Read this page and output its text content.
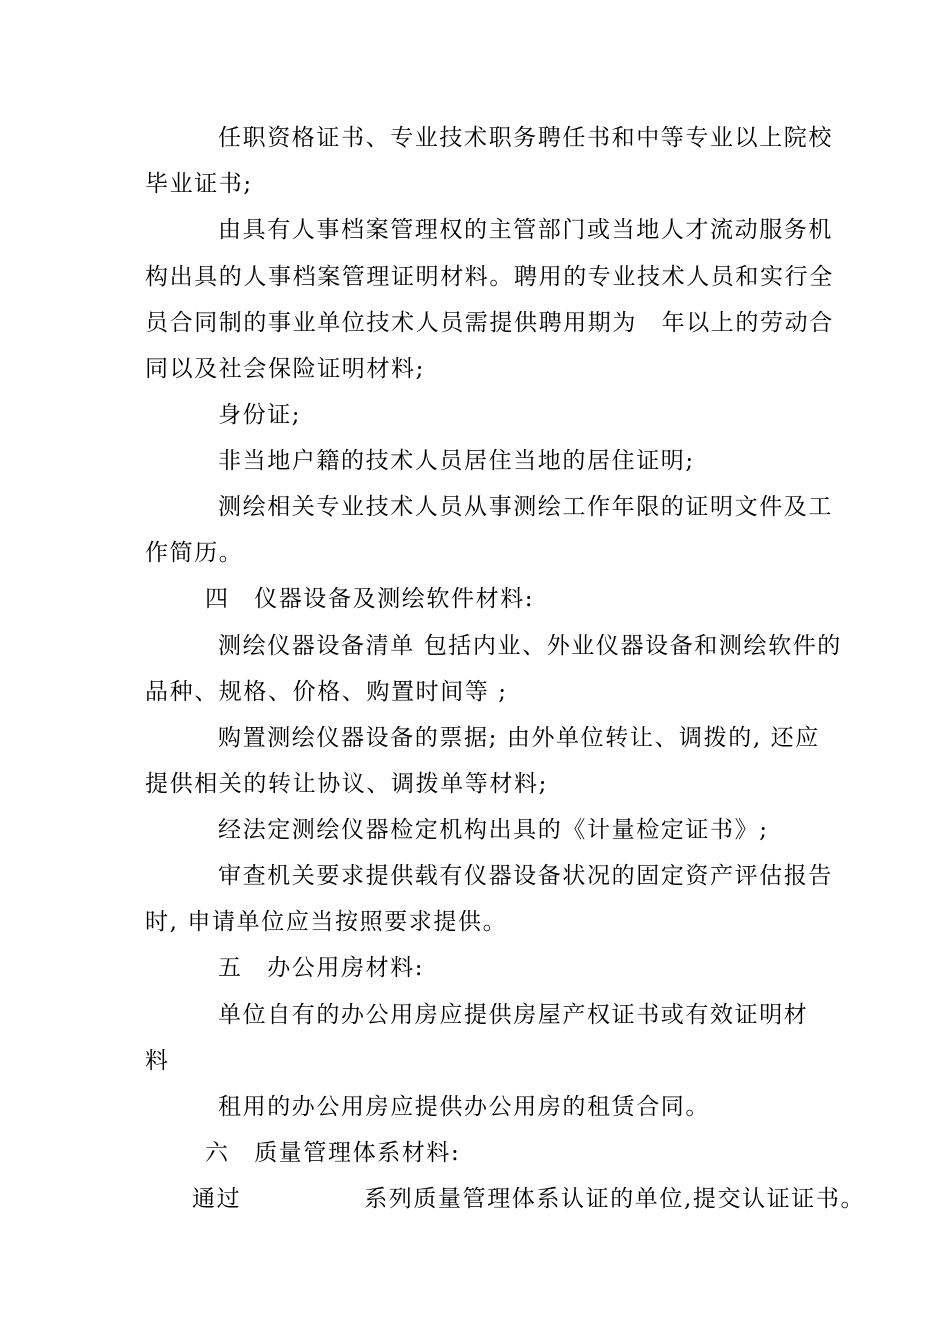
任职资格证书、专业技术职务聘任书和中等专业以上院校
毕业证书;
由具有人事档案管理权的主管部门或当地人才流动服务机
构出具的人事档案管理证明材料。聘用的专业技术人员和实行全
员合同制的事业单位技术人员需提供聘用期为　年以上的劳动合
同以及社会保险证明材料;
身份证;
非当地户籍的技术人员居住当地的居住证明;
测绘相关专业技术人员从事测绘工作年限的证明文件及工
作简历。
四　仪器设备及测绘软件材料:
测绘仪器设备清单 包括内业、外业仪器设备和测绘软件的
品种、规格、价格、购置时间等 ;
购置测绘仪器设备的票据; 由外单位转让、调拨的, 还应
提供相关的转让协议、调拨单等材料;
经法定测绘仪器检定机构出具的《计量检定证书》;
审查机关要求提供载有仪器设备状况的固定资产评估报告
时, 申请单位应当按照要求提供。
五　办公用房材料:
单位自有的办公用房应提供房屋产权证书或有效证明材
料
租用的办公用房应提供办公用房的租赁合同。
六　质量管理体系材料:
通过　　　　　系列质量管理体系认证的单位,提交认证证书。
